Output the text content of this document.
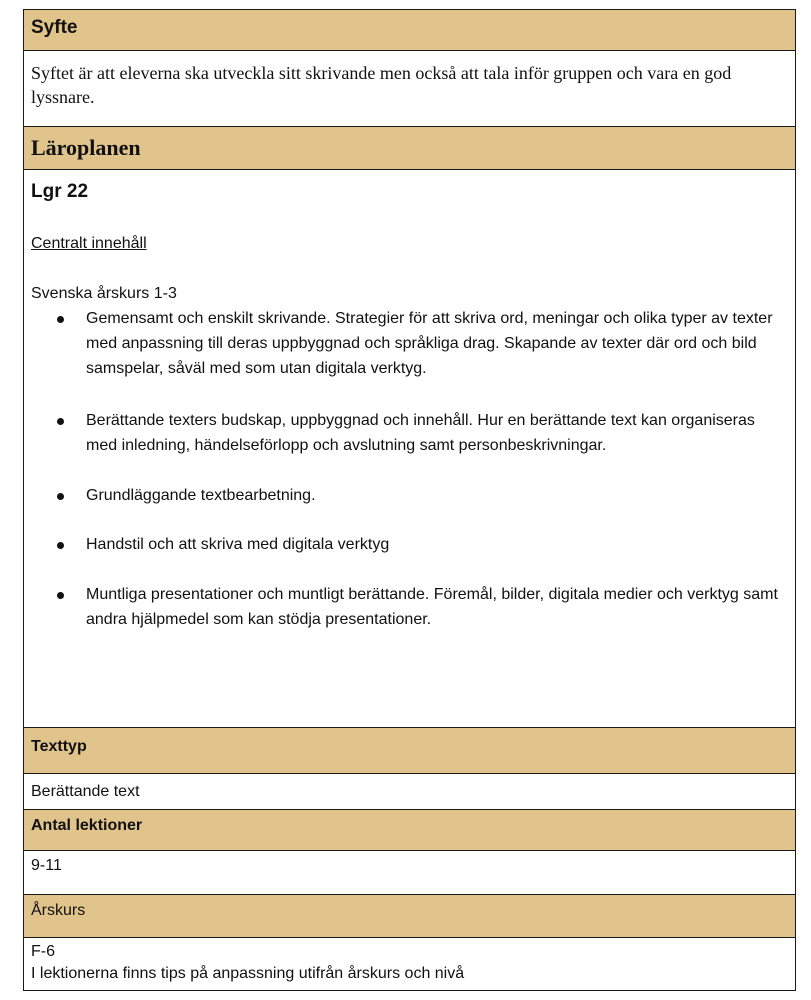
Syfte
Syftet är att eleverna ska utveckla sitt skrivande men också att tala inför gruppen och vara en god lyssnare.
Läroplanen
Lgr 22
Centralt innehåll
Svenska årskurs 1-3
Gemensamt och enskilt skrivande. Strategier för att skriva ord, meningar och olika typer av texter med anpassning till deras uppbyggnad och språkliga drag. Skapande av texter där ord och bild samspelar, såväl med som utan digitala verktyg.
Berättande texters budskap, uppbyggnad och innehåll. Hur en berättande text kan organiseras med inledning, händelseförlopp och avslutning samt personbeskrivningar.
Grundläggande textbearbetning.
Handstil och att skriva med digitala verktyg
Muntliga presentationer och muntligt berättande. Föremål, bilder, digitala medier och verktyg samt andra hjälpmedel som kan stödja presentationer.
Texttyp
Berättande text
Antal lektioner
9-11
Årskurs
F-6
I lektionerna finns tips på anpassning utifrån årskurs och nivå
